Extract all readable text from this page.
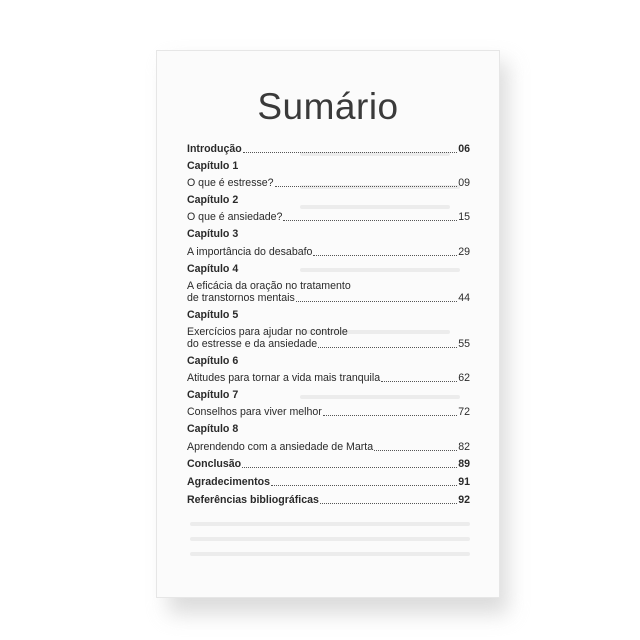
Sumário
Introdução	06
Capítulo 1
O que é estresse?	09
Capítulo 2
O que é ansiedade?	15
Capítulo 3
A importância do desabafo	29
Capítulo 4
A eficácia da oração no tratamento
de transtornos mentais	44
Capítulo 5
Exercícios para ajudar no controle
do estresse e da ansiedade	55
Capítulo 6
Atitudes para tornar a vida mais tranquila	62
Capítulo 7
Conselhos para viver melhor	72
Capítulo 8
Aprendendo com a ansiedade de Marta	82
Conclusão	89
Agradecimentos	91
Referências bibliográficas	92
